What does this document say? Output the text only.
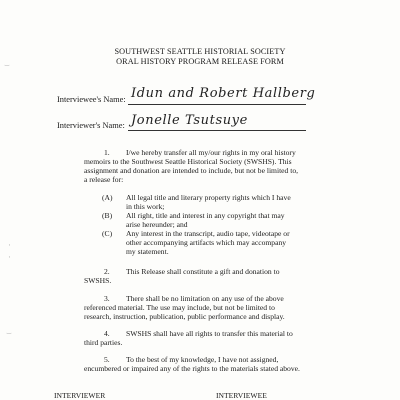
⌣
·
·
⌣
SOUTHWEST SEATTLE HISTORIAL SOCIETY
ORAL HISTORY PROGRAM RELEASE FORM
Interviewee's Name: Idun and Robert Hallberg
Interviewer's Name: Jonelle Tsutsuye
1. I/we hereby transfer all my/our rights in my oral history
memoirs to the Southwest Seattle Historical Society (SWSHS). This
assignment and donation are intended to include, but not be limited to,
a release for:
(A) All legal title and literary property rights which I have
in this work;
(B) All right, title and interest in any copyright that may
arise hereunder; and
(C) Any interest in the transcript, audio tape, videotape or
other accompanying artifacts which may accompany
my statement.
2. This Release shall constitute a gift and donation to
SWSHS.
3. There shall be no limitation on any use of the above
referenced material. The use may include, but not be limited to
research, instruction, publication, public performance and display.
4. SWSHS shall have all rights to transfer this material to
third parties.
5. To the best of my knowledge, I have not assigned,
encumbered or impaired any of the rights to the materials stated above.
INTERVIEWER	INTERVIEWEE
